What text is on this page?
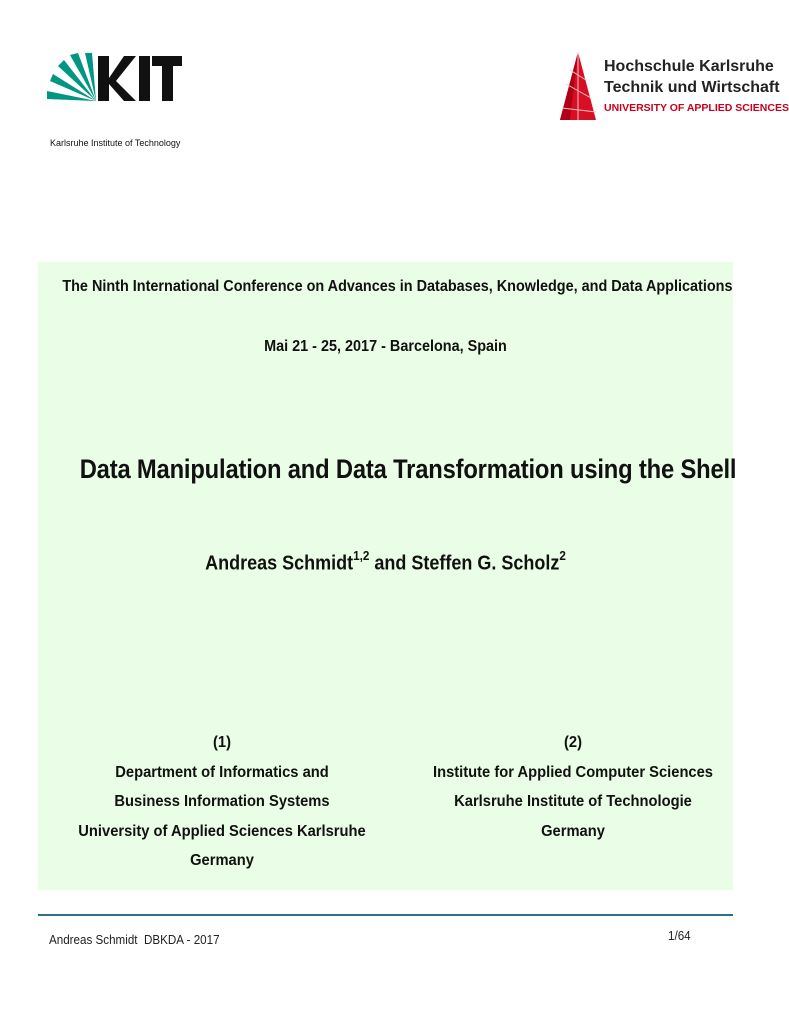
Karlsruhe Institute of Technology
Hochschule Karlsruhe
Technik und Wirtschaft
UNIVERSITY OF APPLIED SCIENCES
The Ninth International Conference on Advances in Databases, Knowledge, and Data Applications
Mai 21 - 25, 2017 - Barcelona, Spain
Data Manipulation and Data Transformation using the Shell
Andreas Schmidt$^{1,2}$ and Steffen G. Scholz$^2$
(1)
Department of Informatics and
Business Information Systems
University of Applied Sciences Karlsruhe
Germany
(2)
Institute for Applied Computer Sciences
Karlsruhe Institute of Technologie
Germany
Andreas Schmidt  DBKDA - 2017	1/64
